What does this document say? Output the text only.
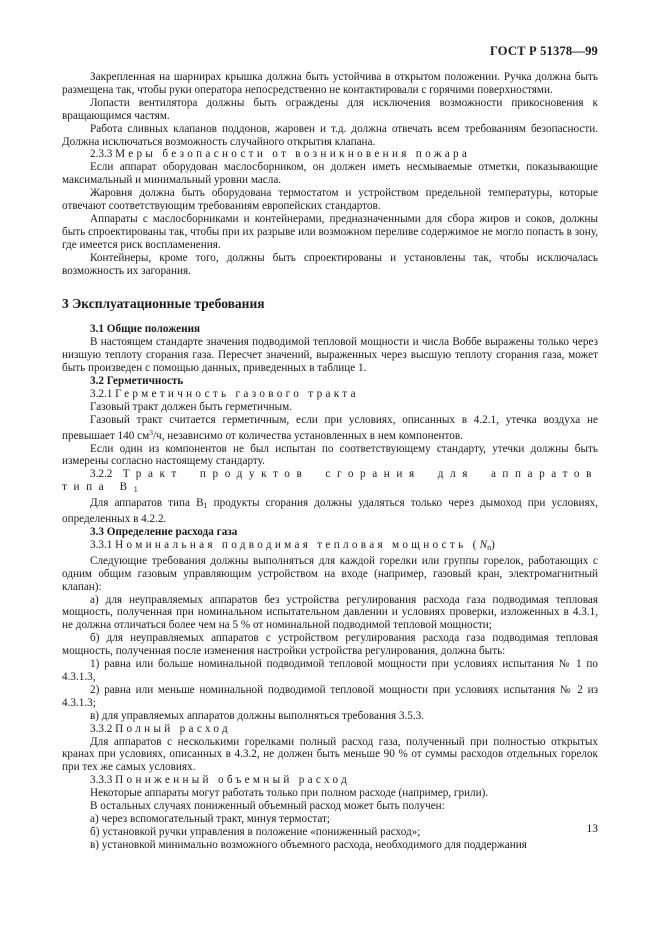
ГОСТ Р 51378—99

Закрепленная на шарнирах крышка должна быть устойчива в открытом положении. Ручка должна быть размещена так, чтобы руки оператора непосредственно не контактировали с горячими поверхностями.

Лопасти вентилятора должны быть ограждены для исключения возможности прикосновения к вращающимся частям.

Работа сливных клапанов поддонов, жаровен и т.д. должна отвечать всем требованиям безопасности. Должна исключаться возможность случайного открытия клапана.

2.3.3 Меры безопасности от возникновения пожара

Если аппарат оборудован маслосборником, он должен иметь несмываемые отметки, показывающие максимальный и минимальный уровни масла.

Жаровня должна быть оборудована термостатом и устройством предельной температуры, которые отвечают соответствующим требованиям европейских стандартов.

Аппараты с маслосборниками и контейнерами, предназначенными для сбора жиров и соков, должны быть спроектированы так, чтобы при их разрыве или возможном переливе содержимое не могло попасть в зону, где имеется риск воспламенения.

Контейнеры, кроме того, должны быть спроектированы и установлены так, чтобы исключалась возможность их загорания.

3 Эксплуатационные требования

3.1 Общие положения

В настоящем стандарте значения подводимой тепловой мощности и числа Воббе выражены только через низшую теплоту сгорания газа. Пересчет значений, выраженных через высшую теплоту сгорания газа, может быть произведен с помощью данных, приведенных в таблице 1.

3.2 Герметичность

3.2.1 Герметичность газового тракта

Газовый тракт должен быть герметичным.

Газовый тракт считается герметичным, если при условиях, описанных в 4.2.1, утечка воздуха не превышает 140 $см^3/ч$, независимо от количества установленных в нем компонентов.

Если один из компонентов не был испытан по соответствующему стандарту, утечки должны быть измерены согласно настоящему стандарту.

3.2.2 Тракт продуктов сгорания для аппаратов типа $B_1$

Для аппаратов типа $B_1$ продукты сгорания должны удаляться только через дымоход при условиях, определенных в 4.2.2.

3.3 Определение расхода газа

3.3.1 Номинальная подводимая тепловая мощность $(N_n)$

Следующие требования должны выполняться для каждой горелки или группы горелок, работающих с одним общим газовым управляющим устройством на входе (например, газовый кран, электромагнитный клапан):

а) для неуправляемых аппаратов без устройства регулирования расхода газа подводимая тепловая мощность, полученная при номинальном испытательном давлении и условиях проверки, изложенных в 4.3.1, не должна отличаться более чем на 5 % от номинальной подводимой тепловой мощности;

б) для неуправляемых аппаратов с устройством регулирования расхода газа подводимая тепловая мощность, полученная после изменения настройки устройства регулирования, должна быть:

1) равна или больше номинальной подводимой тепловой мощности при условиях испытания № 1 по 4.3.1.3,

2) равна или меньше номинальной подводимой тепловой мощности при условиях испытания № 2 из 4.3.1.3;

в) для управляемых аппаратов должны выполняться требования 3.5.3.

3.3.2 Полный расход

Для аппаратов с несколькими горелками полный расход газа, полученный при полностью открытых кранах при условиях, описанных в 4.3.2, не должен быть меньше 90 % от суммы расходов отдельных горелок при тех же самых условиях.

3.3.3 Пониженный объемный расход

Некоторые аппараты могут работать только при полном расходе (например, грили).

В остальных случаях пониженный объемный расход может быть получен:

а) через вспомогательный тракт, минуя термостат;

б) установкой ручки управления в положение «пониженный расход»;

в) установкой минимально возможного объемного расхода, необходимого для поддержания

13
